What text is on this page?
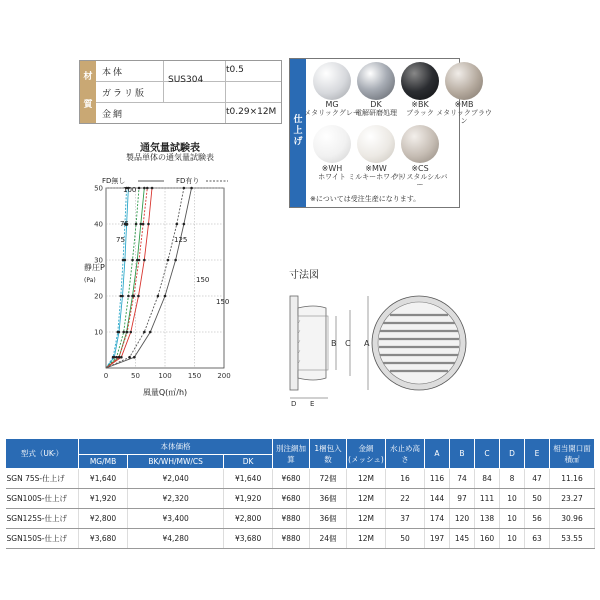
材
質
本体
SUS304
t0.5
ガラリ版
金網	t0.29×12M
仕上げ
MG
メタリックグレー
DK
電解研磨処理
※BK
ブラック
※MB
メタリックブラウン
※WH
ホワイト
※MW
ミルキーホワイト
※CS
クリスタルシルバー
※については受注生産になります。
通気量試験表
製品単体の通気量試験表
0	50	100 150 200
10
20
30
40
50
75
100
125
150
75
150
FD無し	FD有り
静圧P
(Pa)
風量Q(㎥/h)
寸法図
B C A
D E
型式（UK-）	本体価格			別注網加算	1梱包入数	金網
(メッシュ)	水止め高さ	A	B	C	D	E	相当開口面積㎠
	MG/MB	BK/WH/MW/CS	DK										
SGN 75S-仕上げ	¥1,640	¥2,040	¥1,640	¥680	72個	12M	16	116	74	84	8	47	11.16
SGN100S-仕上げ	¥1,920	¥2,320	¥1,920	¥680	36個	12M	22	144	97	111	10	50	23.27
SGN125S-仕上げ	¥2,800	¥3,400	¥2,800	¥880	36個	12M	37	174	120	138	10	56	30.96
SGN150S-仕上げ	¥3,680	¥4,280	¥3,680	¥880	24個	12M	50	197	145	160	10	63	53.55
